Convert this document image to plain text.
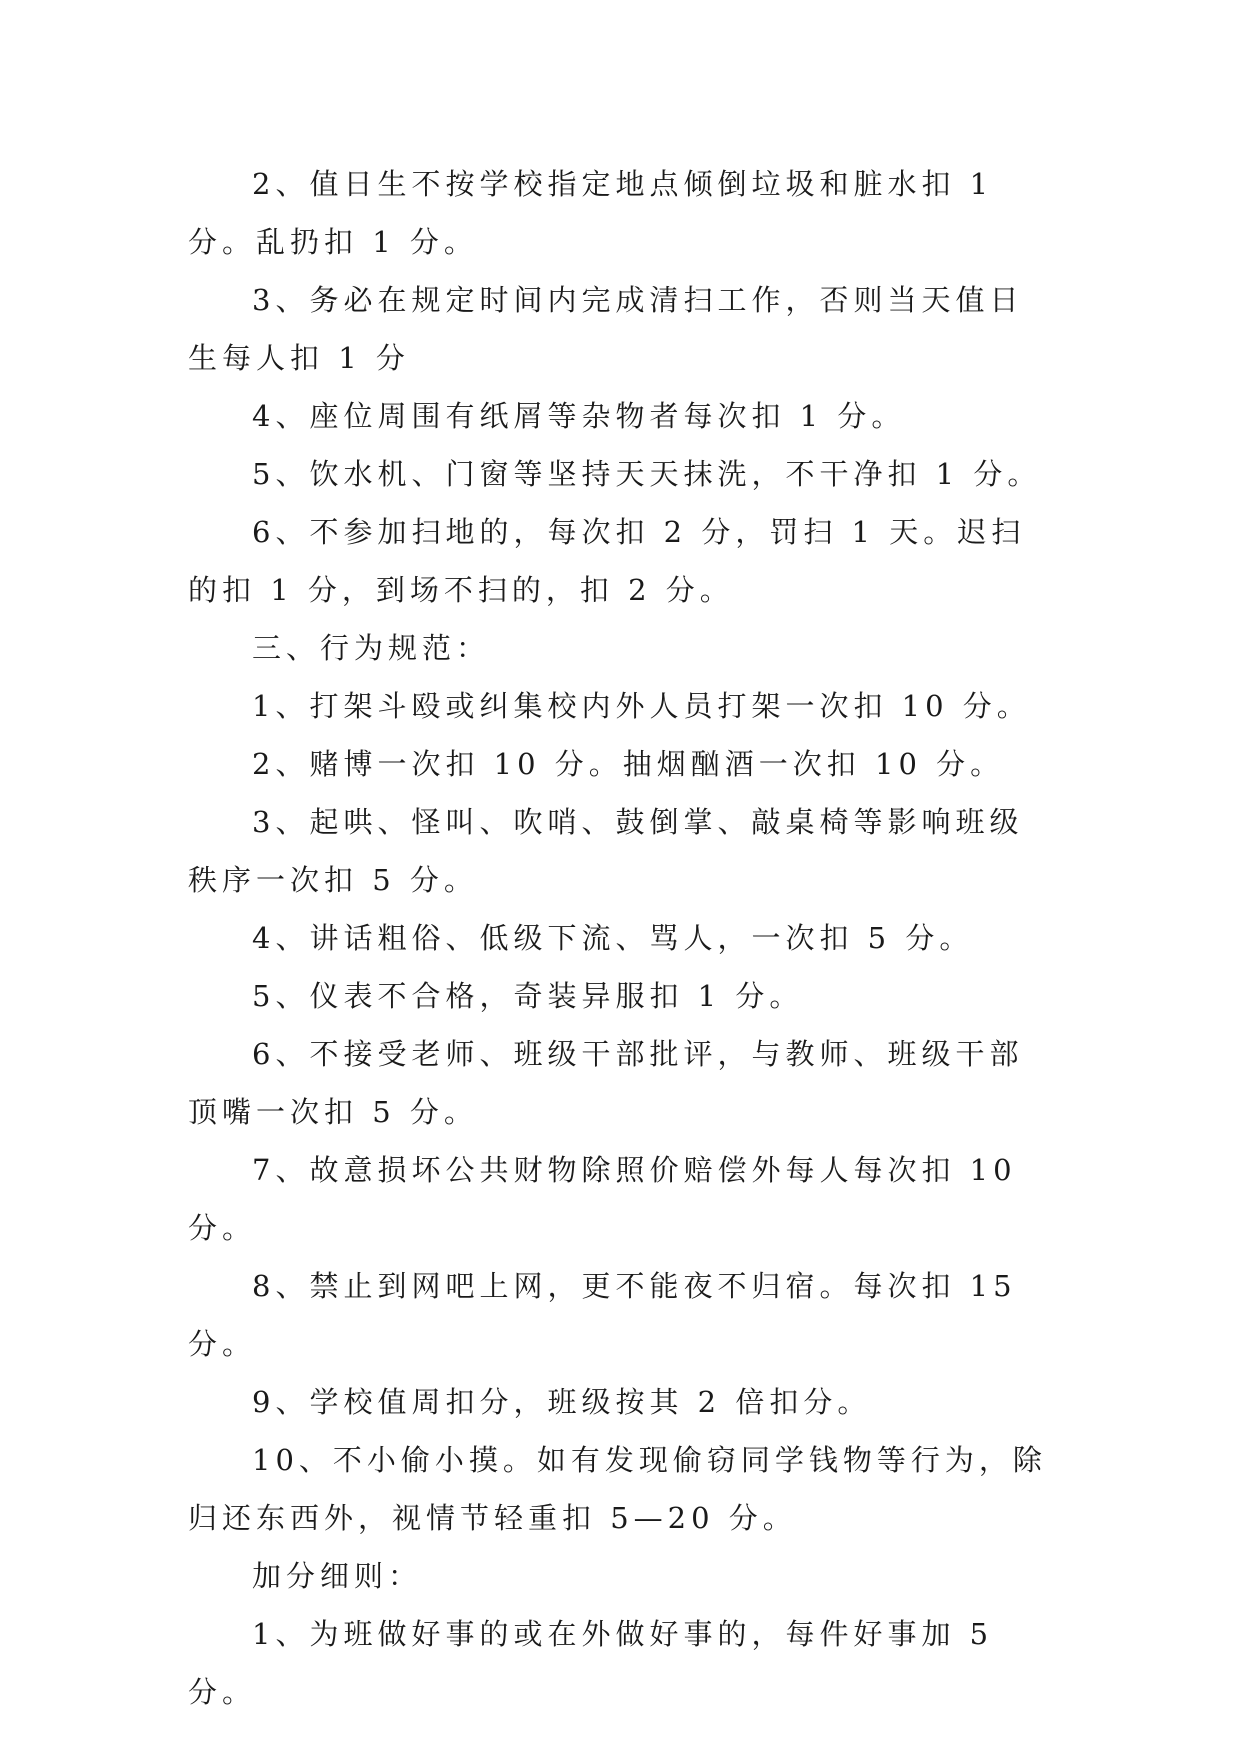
2、值日生不按学校指定地点倾倒垃圾和脏水扣 1 分。乱扔扣 1 分。

3、务必在规定时间内完成清扫工作，否则当天值日生每人扣 1 分

4、座位周围有纸屑等杂物者每次扣 1 分。

5、饮水机、门窗等坚持天天抹洗，不干净扣 1 分。

6、不参加扫地的，每次扣 2 分，罚扫 1 天。迟扫的扣 1 分，到场不扫的，扣 2 分。

三、行为规范：

1、打架斗殴或纠集校内外人员打架一次扣 10 分。

2、赌博一次扣 10 分。抽烟酗酒一次扣 10 分。

3、起哄、怪叫、吹哨、鼓倒掌、敲桌椅等影响班级秩序一次扣 5 分。

4、讲话粗俗、低级下流、骂人，一次扣 5 分。

5、仪表不合格，奇装异服扣 1 分。

6、不接受老师、班级干部批评，与教师、班级干部顶嘴一次扣 5 分。

7、故意损坏公共财物除照价赔偿外每人每次扣 10 分。

8、禁止到网吧上网，更不能夜不归宿。每次扣 15 分。

9、学校值周扣分，班级按其 2 倍扣分。

10、不小偷小摸。如有发现偷窃同学钱物等行为，除归还东西外，视情节轻重扣 5—20 分。

加分细则：

1、为班做好事的或在外做好事的，每件好事加 5 分。
